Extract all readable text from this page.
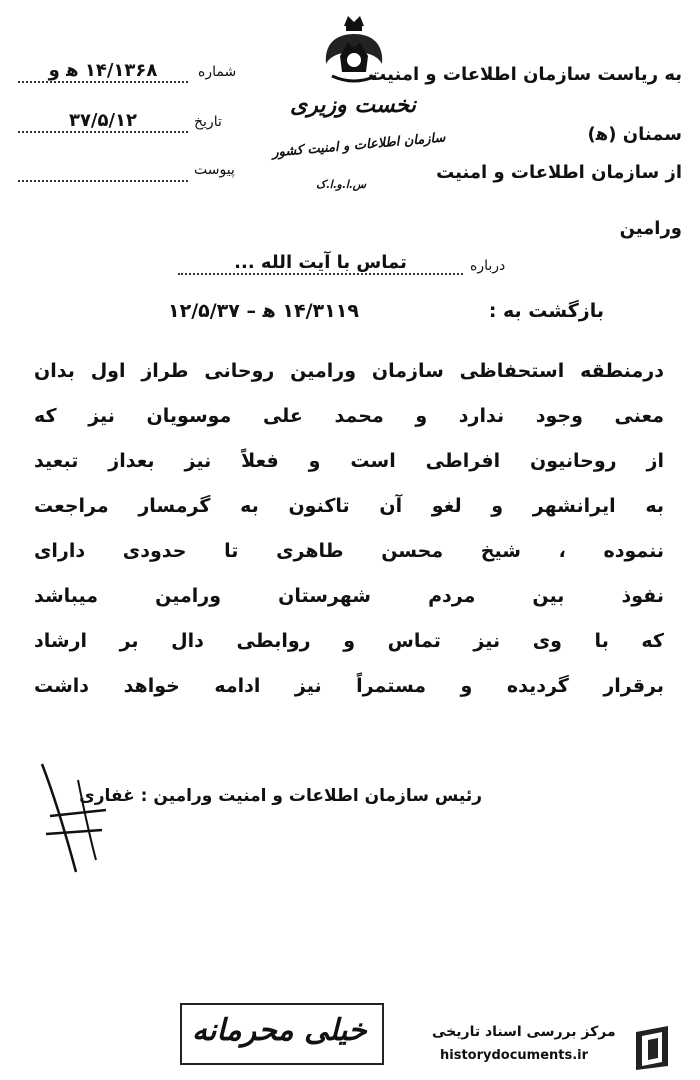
نخست وزیری
سازمان اطلاعات و امنیت کشور
س.ا.و.ا.ک
شماره
۱۴/۱۳۶۸ ه‍ و
تاریخ
۳۷/۵/۱۲
پیوست
به ریاست سازمان اطلاعات و امنیت
سمنان (ه‍)
از سازمان اطلاعات و امنیت
ورامین
درباره
تماس با آیت الله ...
بازگشت به :
۱۴/۳۱۱۹ ه‍ – ۱۲/۵/۳۷
درمنطقه استحفاظی سازمان ورامین روحانی طراز اول بدان
معنی وجود ندارد و محمد علی موسویان نیز که
از روحانیون افراطی است و فعلاً نیز بعداز تبعید
به ایرانشهر و لغو آن تاکنون به گرمسار مراجعت
ننموده ، شیخ محسن طاهری تا حدودی دارای
نفوذ بین مردم شهرستان ورامین میباشد
که با وی نیز تماس و روابطی دال بر ارشاد
برقرار گردیده و مستمراً نیز ادامه خواهد داشت
رئیس سازمان اطلاعات و امنیت ورامین : غفاری
خیلی محرمانه	مرکز بررسی اسناد تاریخی
historydocuments.ir
